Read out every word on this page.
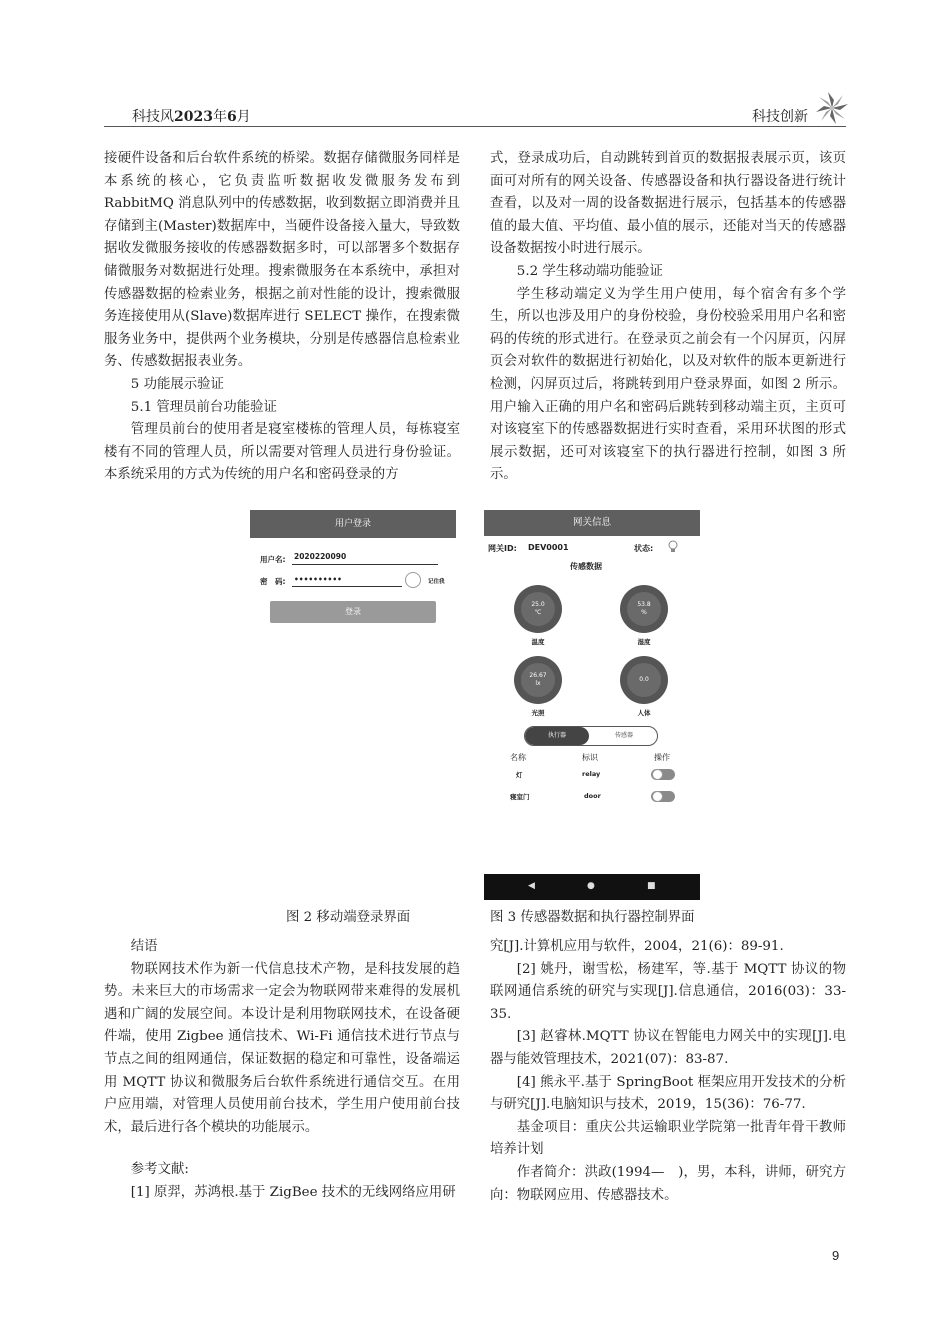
科技风2023年6月	科技创新

接硬件设备和后台软件系统的桥梁。数据存储微服务同样是本系统的核心，它负责监听数据收发微服务发布到 RabbitMQ 消息队列中的传感数据，收到数据立即消费并且存储到主(Master)数据库中，当硬件设备接入量大，导致数据收发微服务接收的传感器数据多时，可以部署多个数据存储微服务对数据进行处理。搜索微服务在本系统中，承担对传感器数据的检索业务，根据之前对性能的设计，搜索微服务连接使用从(Slave)数据库进行 SELECT 操作，在搜索微服务业务中，提供两个业务模块，分别是传感器信息检索业务、传感数据报表业务。

5 功能展示验证

5.1 管理员前台功能验证

管理员前台的使用者是寝室楼栋的管理人员，每栋寝室楼有不同的管理人员，所以需要对管理人员进行身份验证。本系统采用的方式为传统的用户名和密码登录的方

式，登录成功后，自动跳转到首页的数据报表展示页，该页面可对所有的网关设备、传感器设备和执行器设备进行统计查看，以及对一周的设备数据进行展示，包括基本的传感器值的最大值、平均值、最小值的展示，还能对当天的传感器设备数据按小时进行展示。

5.2 学生移动端功能验证

学生移动端定义为学生用户使用，每个宿舍有多个学生，所以也涉及用户的身份校验，身份校验采用用户名和密码的传统的形式进行。在登录页之前会有一个闪屏页，闪屏页会对软件的数据进行初始化，以及对软件的版本更新进行检测，闪屏页过后，将跳转到用户登录界面，如图 2 所示。用户输入正确的用户名和密码后跳转到移动端主页，主页可对该寝室下的传感器数据进行实时查看，采用环状图的形式展示数据，还可对该寝室下的执行器进行控制，如图 3 所示。

用户登录
用户名: 2020220090
密　码: ••••••••••	记住我
登录
网关信息
网关ID: DEV0001	状态:
传感数据
25.0
℃
温度
53.8
%
湿度
26.67
lx
光照
0.0
人体
执行器	传感器
名称	标识	操作
灯	relay
寝室门	door
◀	●	■
图 2 移动端登录界面	图 3 传感器数据和执行器控制界面

结语

物联网技术作为新一代信息技术产物，是科技发展的趋势。未来巨大的市场需求一定会为物联网带来难得的发展机遇和广阔的发展空间。本设计是利用物联网技术，在设备硬件端，使用 Zigbee 通信技术、Wi-Fi 通信技术进行节点与节点之间的组网通信，保证数据的稳定和可靠性，设备端运用 MQTT 协议和微服务后台软件系统进行通信交互。在用户应用端，对管理人员使用前台技术，学生用户使用前台技术，最后进行各个模块的功能展示。

参考文献:

[1] 原羿，苏鸿根.基于 ZigBee 技术的无线网络应用研

究[J].计算机应用与软件，2004，21(6)：89-91.

[2] 姚丹，谢雪松，杨建军，等.基于 MQTT 协议的物联网通信系统的研究与实现[J].信息通信，2016(03)：33-35.

[3] 赵睿林.MQTT 协议在智能电力网关中的实现[J].电器与能效管理技术，2021(07)：83-87.

[4] 熊永平.基于 SpringBoot 框架应用开发技术的分析与研究[J].电脑知识与技术，2019，15(36)：76-77.

基金项目：重庆公共运输职业学院第一批青年骨干教师培养计划

作者简介：洪政(1994—　)，男，本科，讲师，研究方向：物联网应用、传感器技术。

9
